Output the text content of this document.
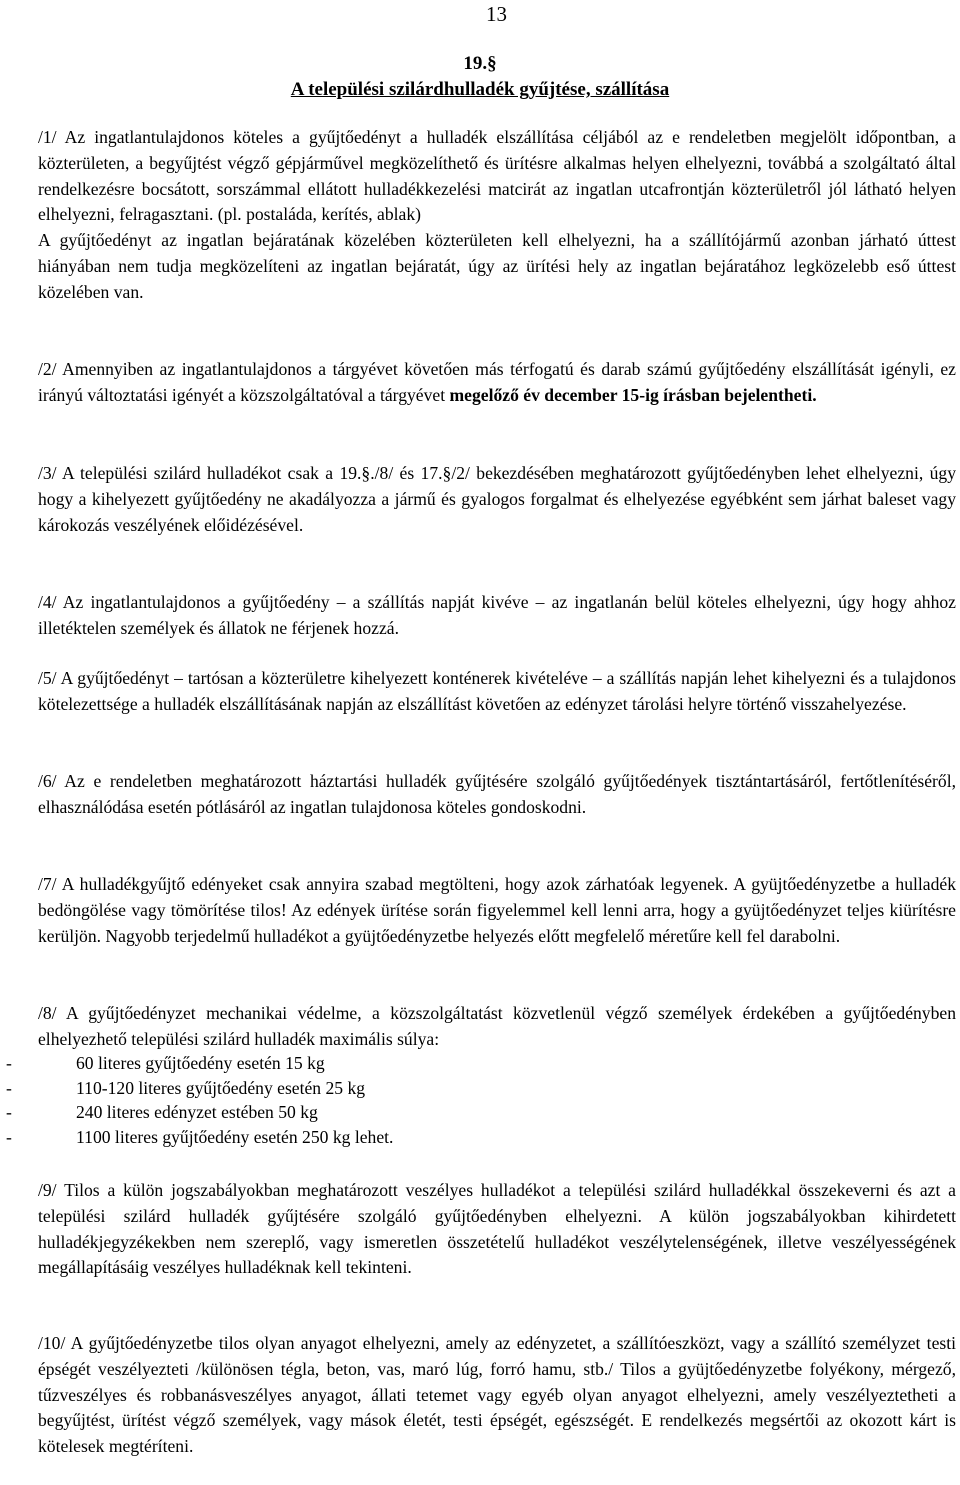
13
19.§
A települési szilárdhulladék gyűjtése, szállítása

/1/ Az ingatlantulajdonos köteles a gyűjtőedényt a hulladék elszállítása céljából az e rendeletben megjelölt időpontban, a közterületen, a begyűjtést végző gépjárművel megközelíthető és ürítésre alkalmas helyen elhelyezni, továbbá a szolgáltató által rendelkezésre bocsátott, sorszámmal ellátott hulladékkezelési matcirát az ingatlan utcafrontján közterületről jól látható helyen elhelyezni, felragasztani. (pl. postaláda, kerítés, ablak)

A gyűjtőedényt az ingatlan bejáratának közelében közterületen kell elhelyezni, ha a szállítójármű azonban járható úttest hiányában nem tudja megközelíteni az ingatlan bejáratát, úgy az ürítési hely az ingatlan bejáratához legközelebb eső úttest közelében van.

/2/ Amennyiben az ingatlantulajdonos a tárgyévet követően más térfogatú és darab számú gyűjtőedény elszállítását igényli, ez irányú változtatási igényét a közszolgáltatóval a tárgyévet megelőző év december 15-ig írásban bejelentheti.

/3/ A települési szilárd hulladékot csak a 19.§./8/ és 17.§/2/ bekezdésében meghatározott gyűjtőedényben lehet elhelyezni, úgy hogy a kihelyezett gyűjtőedény ne akadályozza a jármű és gyalogos forgalmat és elhelyezése egyébként sem járhat baleset vagy károkozás veszélyének előidézésével.

/4/ Az ingatlantulajdonos a gyűjtőedény – a szállítás napját kivéve – az ingatlanán belül köteles elhelyezni, úgy hogy ahhoz illetéktelen személyek és állatok ne férjenek hozzá.

/5/ A gyűjtőedényt – tartósan a közterületre kihelyezett konténerek kivételéve – a szállítás napján lehet kihelyezni és a tulajdonos kötelezettsége a hulladék elszállításának napján az elszállítást követően az edényzet tárolási helyre történő visszahelyezése.

/6/ Az e rendeletben meghatározott háztartási hulladék gyűjtésére szolgáló gyűjtőedények tisztántartásáról, fertőtlenítéséről, elhasználódása esetén pótlásáról az ingatlan tulajdonosa köteles gondoskodni.

/7/ A hulladékgyűjtő edényeket csak annyira szabad megtölteni, hogy azok zárhatóak legyenek. A gyüjtőedényzetbe a hulladék bedöngölése vagy tömörítése tilos! Az edények ürítése során figyelemmel kell lenni arra, hogy a gyüjtőedényzet teljes kiürítésre kerüljön. Nagyobb terjedelmű hulladékot a gyüjtőedényzetbe helyezés előtt megfelelő méretűre kell fel darabolni.

/8/ A gyűjtőedényzet mechanikai védelme, a közszolgáltatást közvetlenül végző személyek érdekében a gyűjtőedényben elhelyezhető települési szilárd hulladék maximális súlya:

-	60 literes gyűjtőedény esetén 15 kg
-	110-120 literes gyűjtőedény esetén 25 kg
-	240 literes edényzet estében 50 kg
-	1100 literes gyűjtőedény esetén 250 kg lehet.

/9/ Tilos a külön jogszabályokban meghatározott veszélyes hulladékot a települési szilárd hulladékkal összekeverni és azt a települési szilárd hulladék gyűjtésére szolgáló gyűjtőedényben elhelyezni. A külön jogszabályokban kihirdetett hulladékjegyzékekben nem szereplő, vagy ismeretlen összetételű hulladékot veszélytelenségének, illetve veszélyességének megállapításáig veszélyes hulladéknak kell tekinteni.

/10/ A gyűjtőedényzetbe tilos olyan anyagot elhelyezni, amely az edényzetet, a szállítóeszközt, vagy a szállító személyzet testi épségét veszélyezteti /különösen tégla, beton, vas, maró lúg, forró hamu, stb./ Tilos a gyüjtőedényzetbe folyékony, mérgező, tűzveszélyes és robbanásveszélyes anyagot, állati tetemet vagy egyéb olyan anyagot elhelyezni, amely veszélyeztetheti a begyűjtést, ürítést végző személyek, vagy mások életét, testi épségét, egészségét. E rendelkezés megsértői az okozott kárt is kötelesek megtéríteni.
